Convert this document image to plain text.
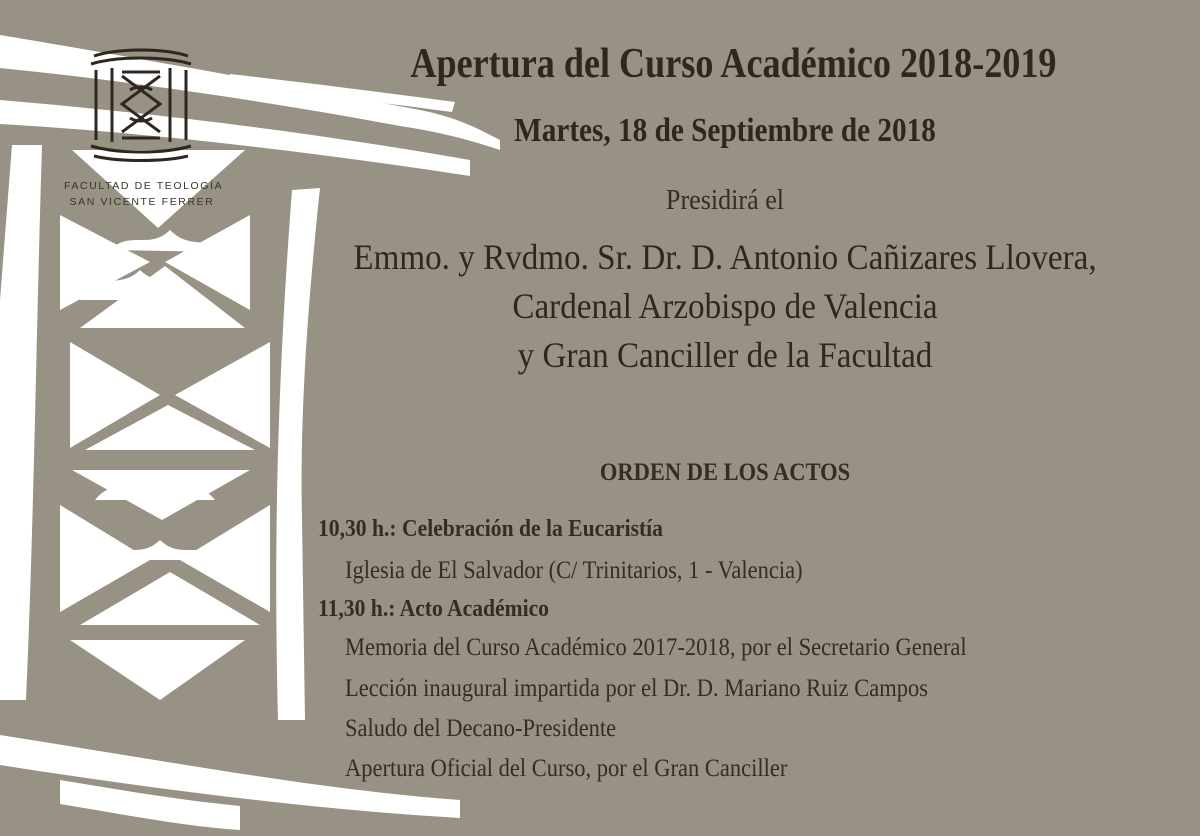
FACULTAD DE TEOLOGÍA
SAN VICENTE FERRER
Apertura del Curso Académico 2018-2019
Martes, 18 de Septiembre de 2018
Presidirá el
Emmo. y Rvdmo. Sr. Dr. D. Antonio Cañizares Llovera,
Cardenal Arzobispo de Valencia
y Gran Canciller de la Facultad
ORDEN DE LOS ACTOS
10,30 h.: Celebración de la Eucaristía
Iglesia de El Salvador (C/ Trinitarios, 1 - Valencia)
11,30 h.: Acto Académico
Memoria del Curso Académico 2017-2018, por el Secretario General
Lección inaugural impartida por el Dr. D. Mariano Ruiz Campos
Saludo del Decano-Presidente
Apertura Oficial del Curso, por el Gran Canciller
